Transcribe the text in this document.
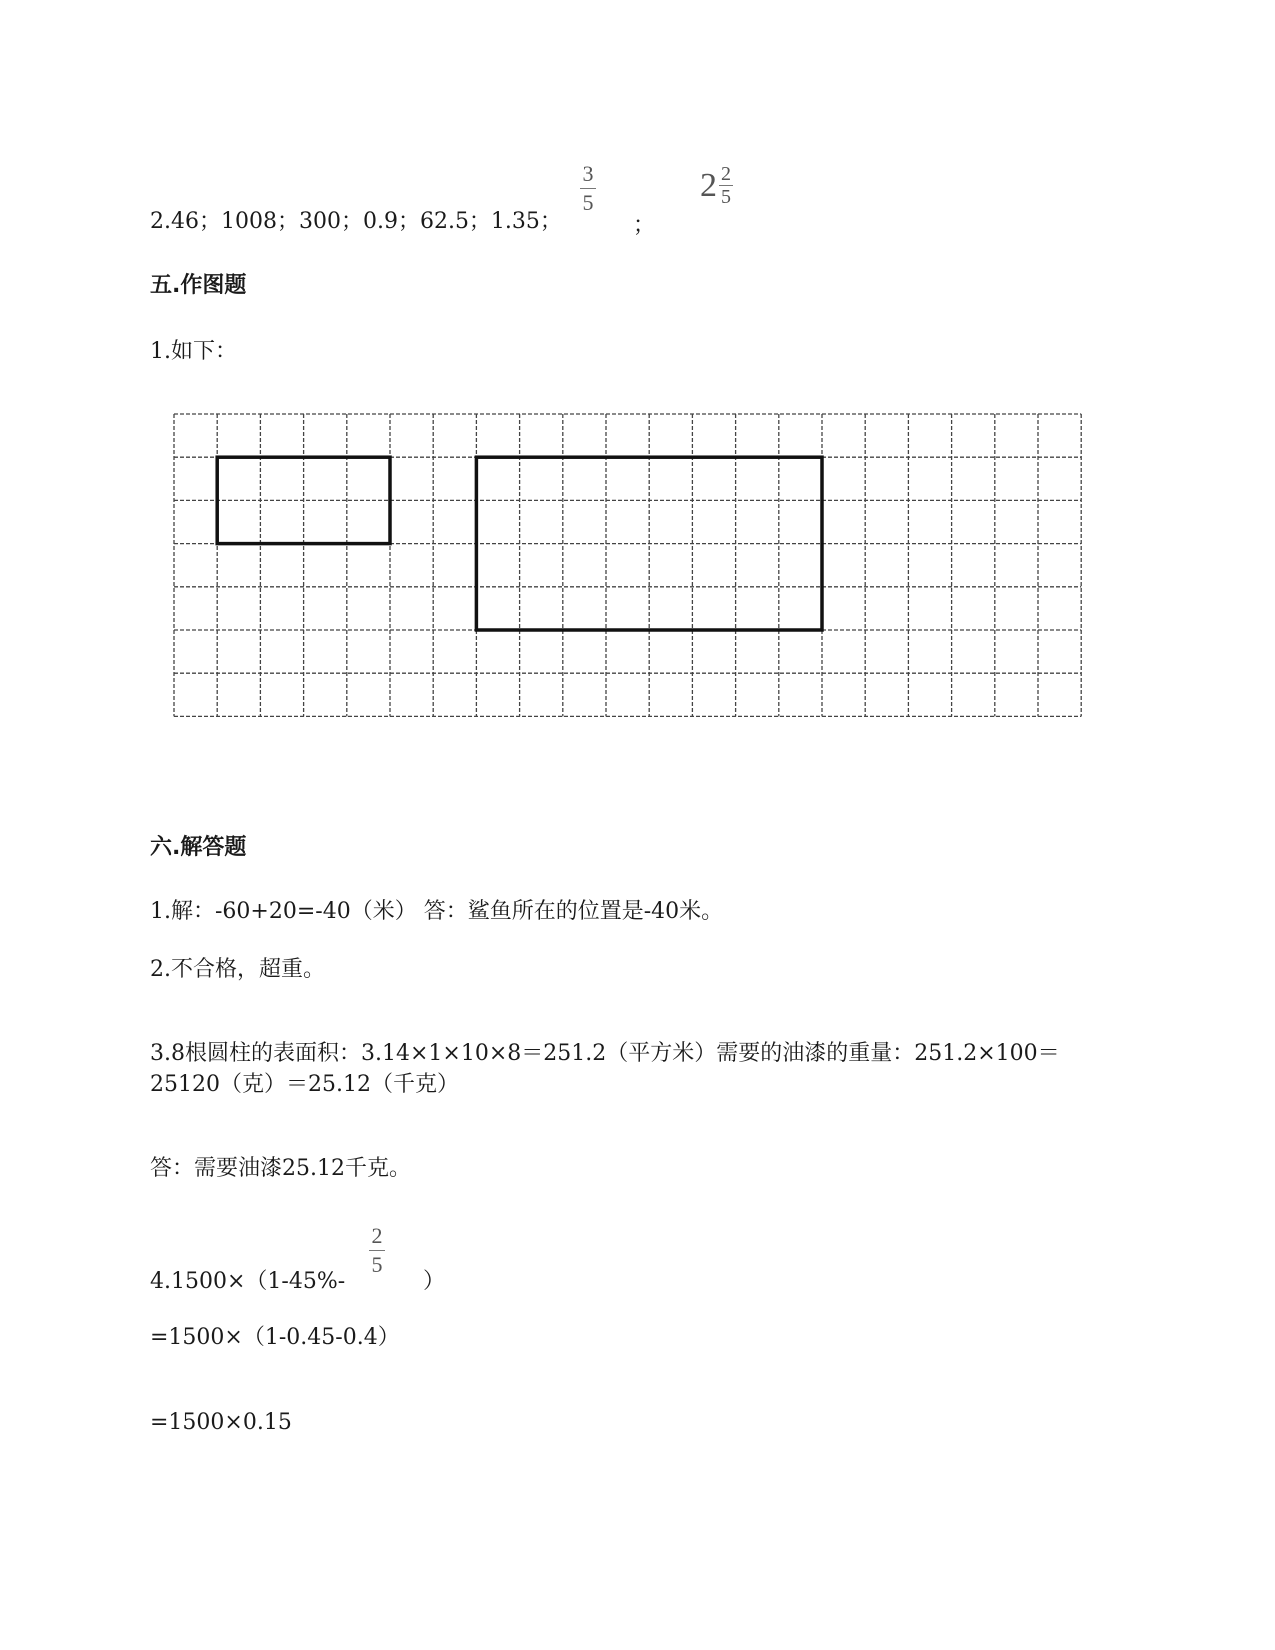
2.46；1008；300；0.9；62.5；1.35；
3
5
；
2 2
5
五.作图题
1.如下：
六.解答题
1.解：-60+20=-40（米） 答：鲨鱼所在的位置是-40米。
2.不合格，超重。
3.8根圆柱的表面积：3.14×1×10×8＝251.2（平方米）需要的油漆的重量：251.2×100＝
25120（克）＝25.12（千克）
答：需要油漆25.12千克。
4.1500×（1-45%-
2
5
）
=1500×（1-0.45-0.4）
=1500×0.15
